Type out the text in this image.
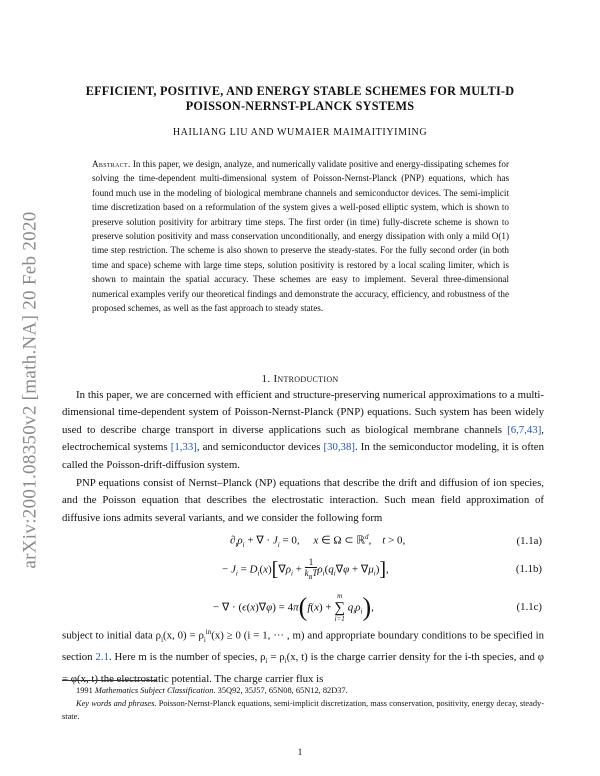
arXiv:2001.08350v2 [math.NA] 20 Feb 2020
EFFICIENT, POSITIVE, AND ENERGY STABLE SCHEMES FOR MULTI-D
POISSON-NERNST-PLANCK SYSTEMS
HAILIANG LIU AND WUMAIER MAIMAITIYIMING
Abstract. In this paper, we design, analyze, and numerically validate positive and energy-dissipating schemes for solving the time-dependent multi-dimensional system of Poisson-Nernst-Planck (PNP) equations, which has found much use in the modeling of biological membrane channels and semiconductor devices. The semi-implicit time discretization based on a reformulation of the system gives a well-posed elliptic system, which is shown to preserve solution positivity for arbitrary time steps. The first order (in time) fully-discrete scheme is shown to preserve solution positivity and mass conservation unconditionally, and energy dissipation with only a mild O(1) time step restriction. The scheme is also shown to preserve the steady-states. For the fully second order (in both time and space) scheme with large time steps, solution positivity is restored by a local scaling limiter, which is shown to maintain the spatial accuracy. These schemes are easy to implement. Several three-dimensional numerical examples verify our theoretical findings and demonstrate the accuracy, efficiency, and robustness of the proposed schemes, as well as the fast approach to steady states.
1. Introduction
In this paper, we are concerned with efficient and structure-preserving numerical approximations to a multi-dimensional time-dependent system of Poisson-Nernst-Planck (PNP) equations. Such system has been widely used to describe charge transport in diverse applications such as biological membrane channels [6,7,43], electrochemical systems [1,33], and semiconductor devices [30,38]. In the semiconductor modeling, it is often called the Poisson-drift-diffusion system.
PNP equations consist of Nernst–Planck (NP) equations that describe the drift and diffusion of ion species, and the Poisson equation that describes the electrostatic interaction. Such mean field approximation of diffusive ions admits several variants, and we consider the following form
$\partial_t\rho_i$ + ∇ · $J_i = 0$,     x ∈ Ω ⊂ ℝ$^d$, t > 0,	(1.1a)
− $J_i = D_i(x)[\nabla\rho_i$ +
1
$k_BT$ $\rho_i(q_i\nabla\varphi + \nabla\mu_i)$],	(1.1b)
− ∇ · (ϵ(x)∇φ) = 4π(f(x) +
m
∑
i=1
$q_i\rho_i$),	(1.1c)
subject to initial data $\rho_i(x$, $0) = \rho_i^{in}(x) \ge 0$ (i = 1, ··· , m) and appropriate boundary conditions to be specified in section 2.1. Here m is the number of species, $\rho_i = \rho_i(x$, t) is the charge carrier density for the i-th species, and φ = φ(x, t) the electrostatic potential. The charge carrier flux is
1991 Mathematics Subject Classification. 35Q92, 35J57, 65N08, 65N12, 82D37.
Key words and phrases. Poisson-Nernst-Planck equations, semi-implicit discretization, mass conservation, positivity, energy decay, steady-state.
1
